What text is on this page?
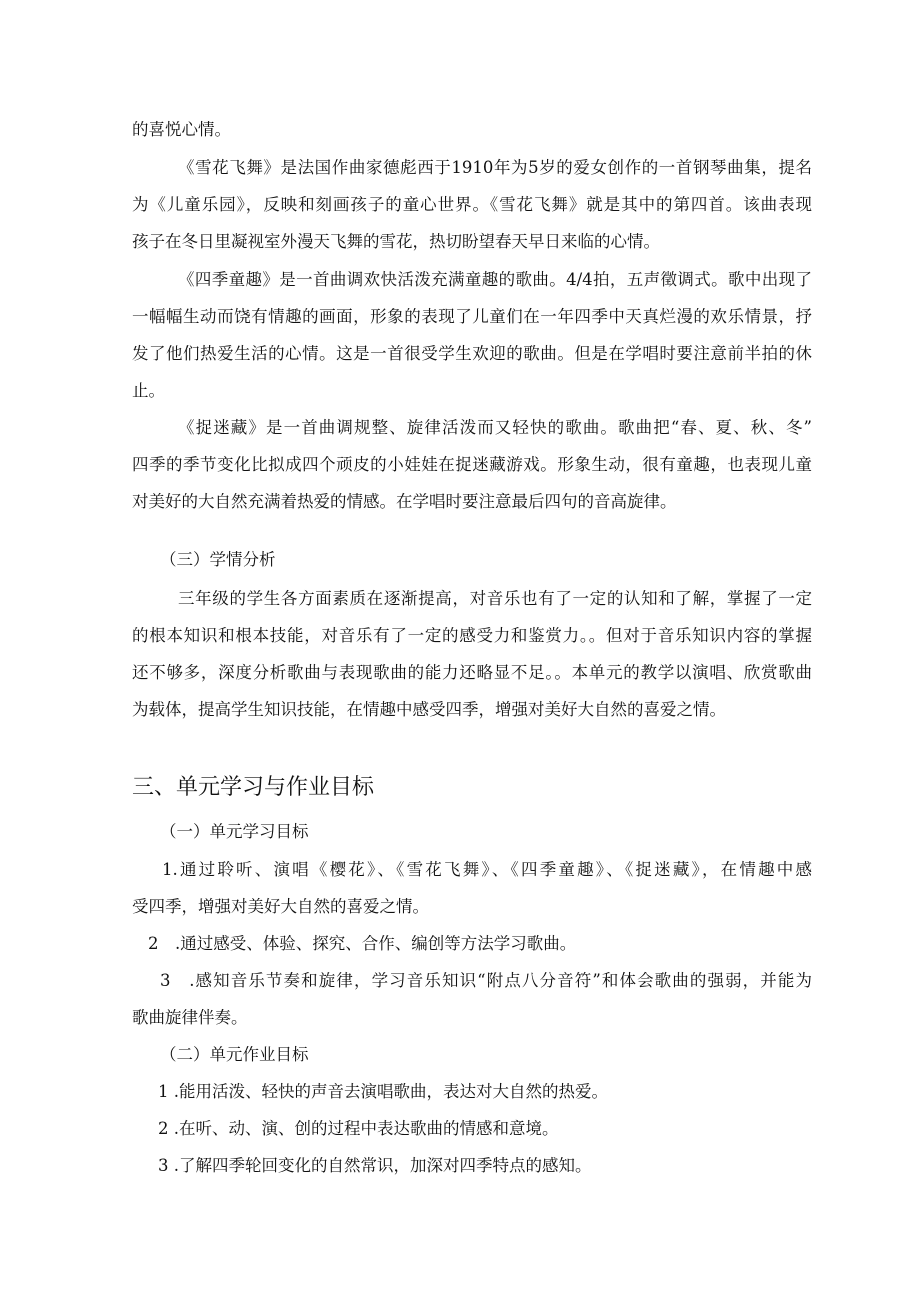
的喜悦心情。
《雪花飞舞》是法国作曲家德彪西于1910年为5岁的爱女创作的一首钢琴曲集，提名
为《儿童乐园》，反映和刻画孩子的童心世界。《雪花飞舞》就是其中的第四首。该曲表现
孩子在冬日里凝视室外漫天飞舞的雪花，热切盼望春天早日来临的心情。
《四季童趣》是一首曲调欢快活泼充满童趣的歌曲。4/4拍，五声徵调式。歌中出现了
一幅幅生动而饶有情趣的画面，形象的表现了儿童们在一年四季中天真烂漫的欢乐情景，抒
发了他们热爱生活的心情。这是一首很受学生欢迎的歌曲。但是在学唱时要注意前半拍的休
止。
《捉迷藏》是一首曲调规整、旋律活泼而又轻快的歌曲。歌曲把“春、夏、秋、冬”
四季的季节变化比拟成四个顽皮的小娃娃在捉迷藏游戏。形象生动，很有童趣，也表现儿童
对美好的大自然充满着热爱的情感。在学唱时要注意最后四句的音高旋律。
（三）学情分析
三年级的学生各方面素质在逐渐提高，对音乐也有了一定的认知和了解，掌握了一定
的根本知识和根本技能，对音乐有了一定的感受力和鉴赏力。。但对于音乐知识内容的掌握
还不够多，深度分析歌曲与表现歌曲的能力还略显不足。。本单元的教学以演唱、欣赏歌曲
为载体，提高学生知识技能，在情趣中感受四季，增强对美好大自然的喜爱之情。
三、单元学习与作业目标
（一）单元学习目标
1.通过聆听、演唱《樱花》、《雪花飞舞》、《四季童趣》、《捉迷藏》，在情趣中感
受四季，增强对美好大自然的喜爱之情。
2　.通过感受、体验、探究、合作、编创等方法学习歌曲。
3　.感知音乐节奏和旋律，学习音乐知识“附点八分音符”和体会歌曲的强弱，并能为
歌曲旋律伴奏。
（二）单元作业目标
1 .能用活泼、轻快的声音去演唱歌曲，表达对大自然的热爱。
2 .在听、动、演、创的过程中表达歌曲的情感和意境。
3 .了解四季轮回变化的自然常识，加深对四季特点的感知。
